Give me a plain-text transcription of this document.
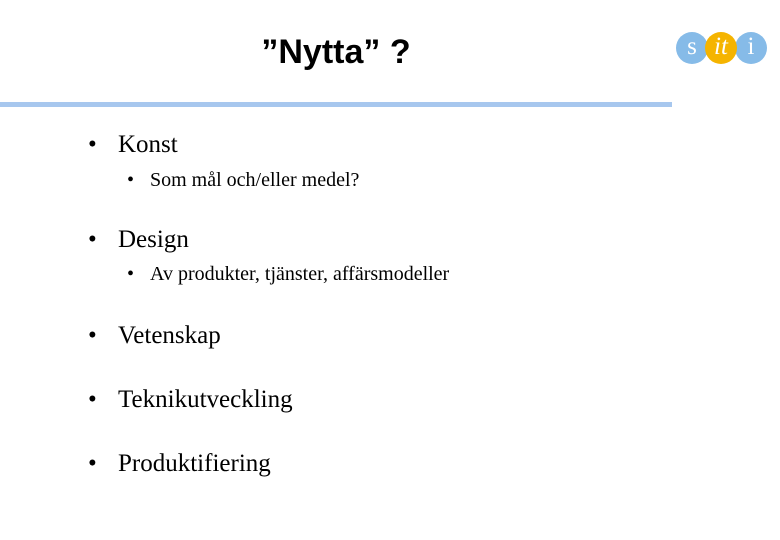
”Nytta” ?	s	i
it
• Konst
• Som mål och/eller medel?
• Design
• Av produkter, tjänster, affärsmodeller
• Vetenskap
• Teknikutveckling
• Produktifiering
